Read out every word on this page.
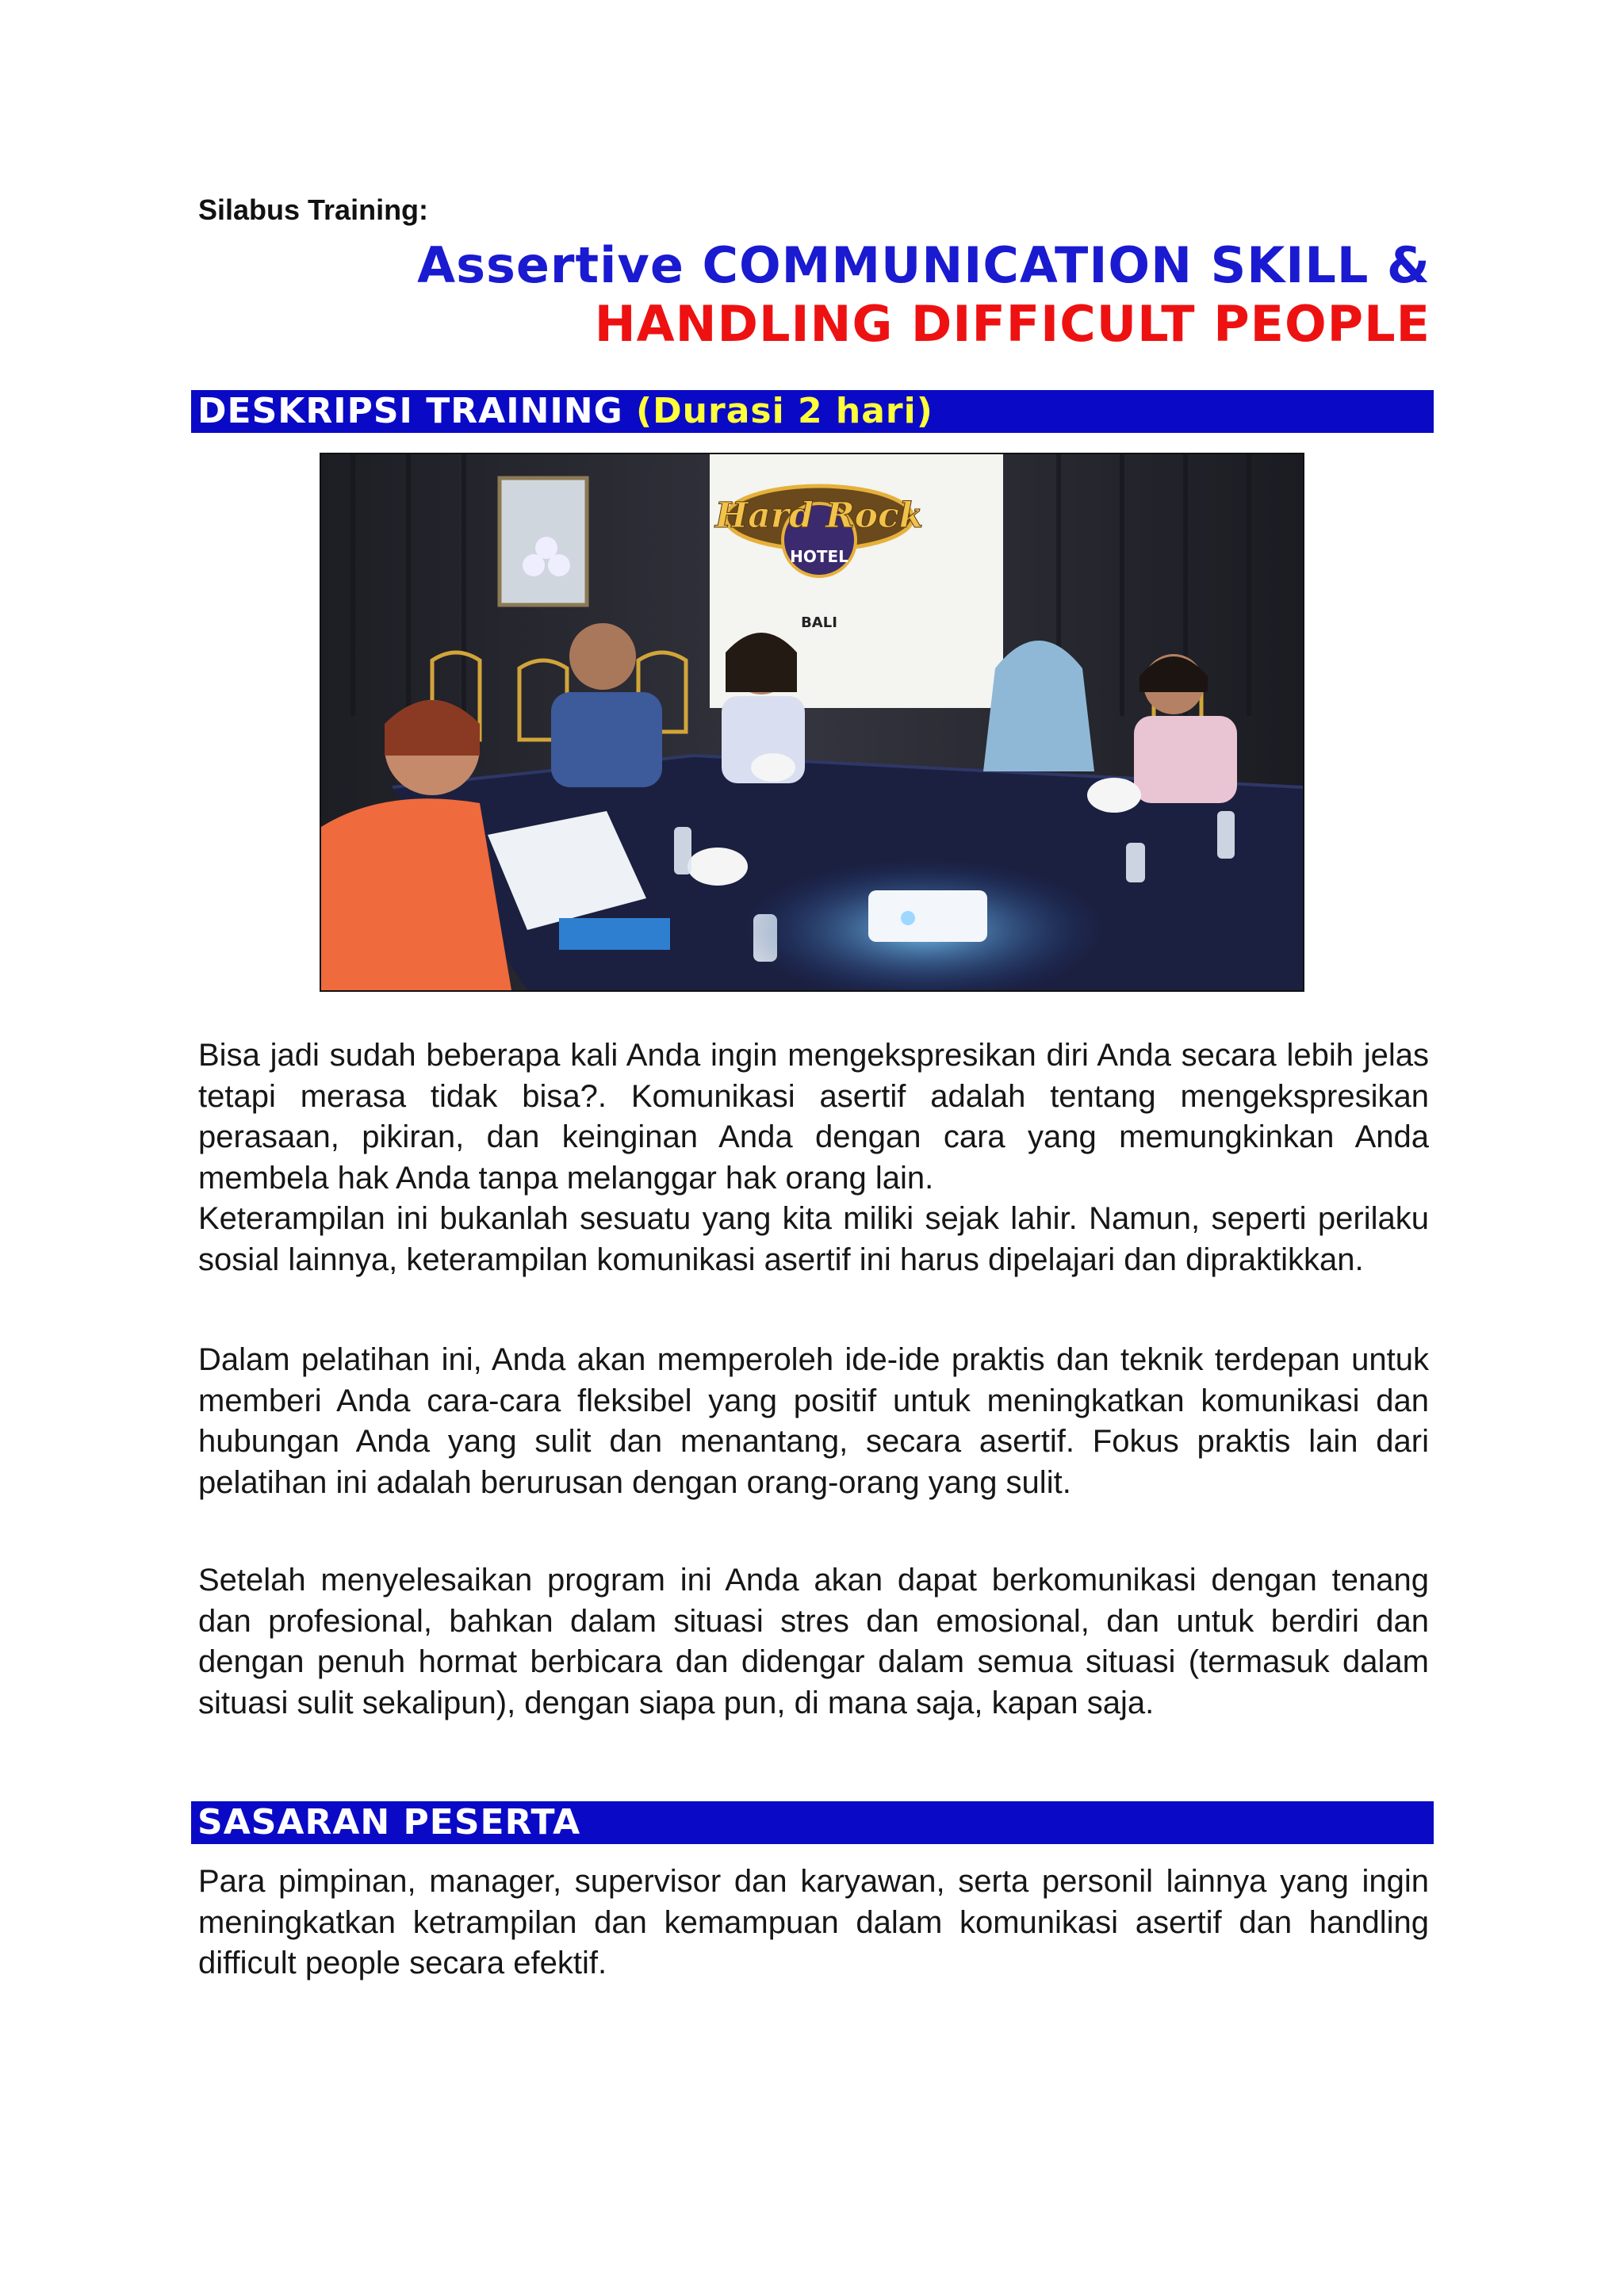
Silabus Training:
Assertive COMMUNICATION SKILL &
HANDLING DIFFICULT PEOPLE
DESKRIPSI TRAINING (Durasi 2 hari)
Hard Rock
HOTEL
BALI

Bisa jadi sudah beberapa kali Anda ingin mengekspresikan diri Anda secara lebih jelas tetapi merasa tidak bisa?. Komunikasi asertif adalah tentang mengekspresikan perasaan, pikiran, dan keinginan Anda dengan cara yang memungkinkan Anda membela hak Anda tanpa melanggar hak orang lain.

Keterampilan ini bukanlah sesuatu yang kita miliki sejak lahir. Namun, seperti perilaku sosial lainnya, keterampilan komunikasi asertif ini harus dipelajari dan dipraktikkan.

Dalam pelatihan ini, Anda akan memperoleh ide-ide praktis dan teknik terdepan untuk memberi Anda cara-cara fleksibel yang positif untuk meningkatkan komunikasi dan hubungan Anda yang sulit dan menantang, secara asertif. Fokus praktis lain dari pelatihan ini adalah berurusan dengan orang-orang yang sulit.
Setelah menyelesaikan program ini Anda akan dapat berkomunikasi dengan tenang dan profesional, bahkan dalam situasi stres dan emosional, dan untuk berdiri dan dengan penuh hormat berbicara dan didengar dalam semua situasi (termasuk dalam situasi sulit sekalipun), dengan siapa pun, di mana saja, kapan saja.
SASARAN PESERTA
Para pimpinan, manager, supervisor dan karyawan, serta personil lainnya yang ingin meningkatkan ketrampilan dan kemampuan dalam komunikasi asertif dan handling difficult people secara efektif.
